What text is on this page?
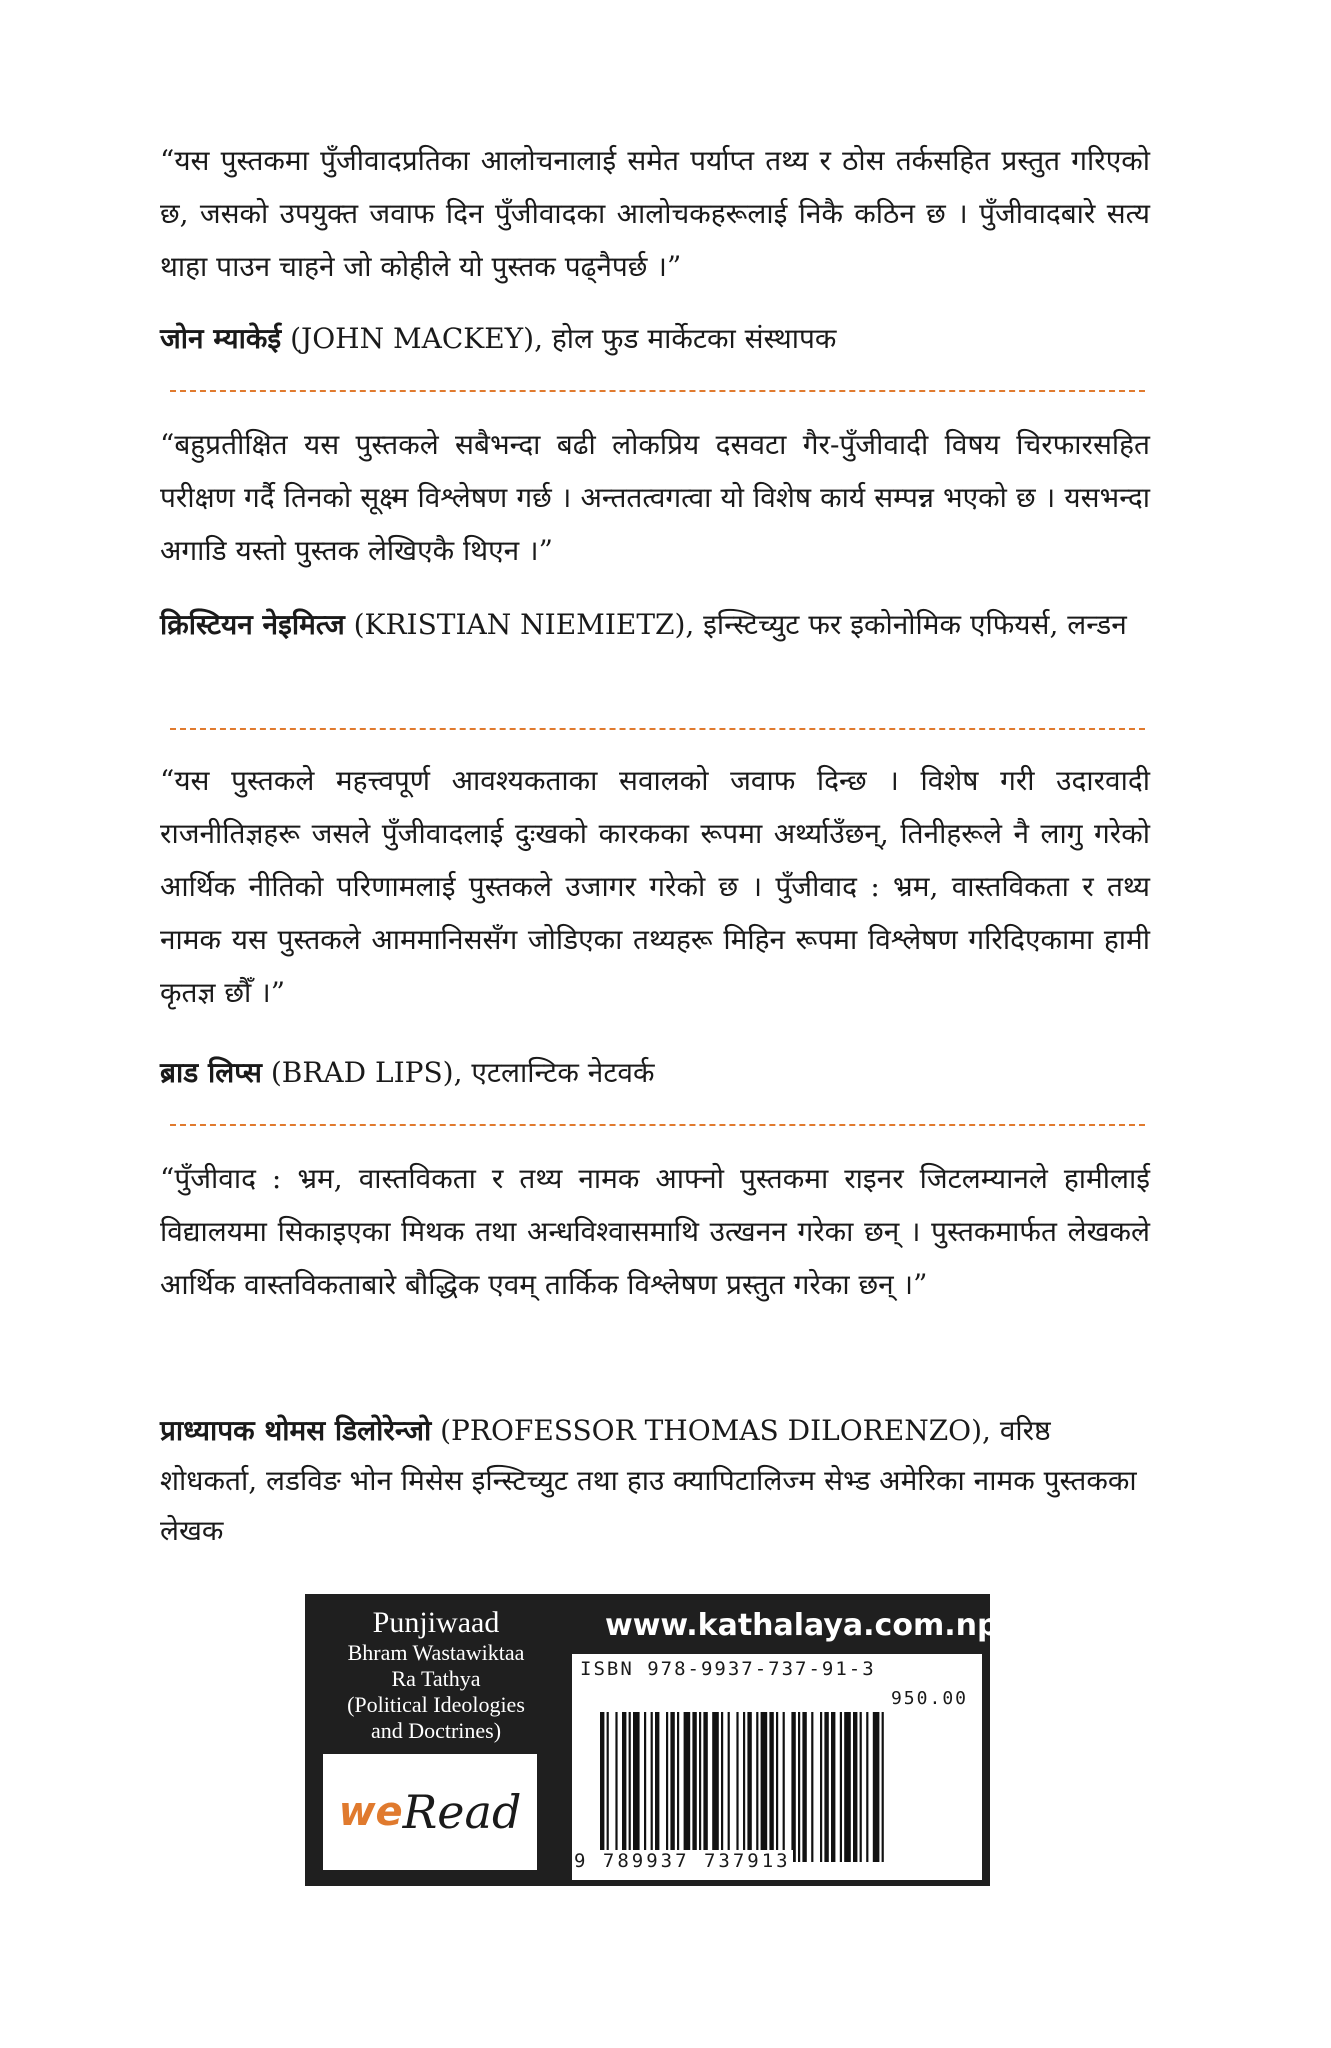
“यस पुस्तकमा पुँजीवादप्रतिका आलोचनालाई समेत पर्याप्त तथ्य र ठोस तर्कसहित प्रस्तुत गरिएको छ, जसको उपयुक्त जवाफ दिन पुँजीवादका आलोचकहरूलाई निकै कठिन छ । पुँजीवादबारे सत्य थाहा पाउन चाहने जो कोहीले यो पुस्तक पढ्नैपर्छ ।”
जोन म्याकेई (JOHN MACKEY), होल फुड मार्केटका संस्थापक
“बहुप्रतीक्षित यस पुस्तकले सबैभन्दा बढी लोकप्रिय दसवटा गैर-पुँजीवादी विषय चिरफारसहित परीक्षण गर्दै तिनको सूक्ष्म विश्लेषण गर्छ । अन्ततत्वगत्वा यो विशेष कार्य सम्पन्न भएको छ । यसभन्दा अगाडि यस्तो पुस्तक लेखिएकै थिएन ।”
क्रिस्टियन नेइमित्ज (KRISTIAN NIEMIETZ), इन्स्टिच्युट फर इकोनोमिक एफियर्स, लन्डन
“यस पुस्तकले महत्त्वपूर्ण आवश्यकताका सवालको जवाफ दिन्छ । विशेष गरी उदारवादी राजनीतिज्ञहरू जसले पुँजीवादलाई दुःखको कारकका रूपमा अर्थ्याउँछन्, तिनीहरूले नै लागु गरेको आर्थिक नीतिको परिणामलाई पुस्तकले उजागर गरेको छ । पुँजीवाद : भ्रम, वास्तविकता र तथ्य नामक यस पुस्तकले आममानिससँग जोडिएका तथ्यहरू मिहिन रूपमा विश्लेषण गरिदिएकामा हामी कृतज्ञ छौँ ।”
ब्राड लिप्स (BRAD LIPS), एटलान्टिक नेटवर्क
“पुँजीवाद : भ्रम, वास्तविकता र तथ्य नामक आफ्नो पुस्तकमा राइनर जिटलम्यानले हामीलाई विद्यालयमा सिकाइएका मिथक तथा अन्धविश्वासमाथि उत्खनन गरेका छन् । पुस्तकमार्फत लेखकले आर्थिक वास्तविकताबारे बौद्धिक एवम् तार्किक विश्लेषण प्रस्तुत गरेका छन् ।”
प्राध्यापक थोमस डिलोरेन्जो (PROFESSOR THOMAS DILORENZO), वरिष्ठ शोधकर्ता, लडविङ भोन मिसेस इन्स्टिच्युट तथा हाउ क्यापिटालिज्म सेभ्ड अमेरिका नामक पुस्तकका लेखक
Punjiwaad
Bhram Wastawiktaa
Ra Tathya
(Political Ideologies
and Doctrines)
we Read
www.kathalaya.com.np
ISBN 978-9937-737-91-3
950.00
9 789937 737913
